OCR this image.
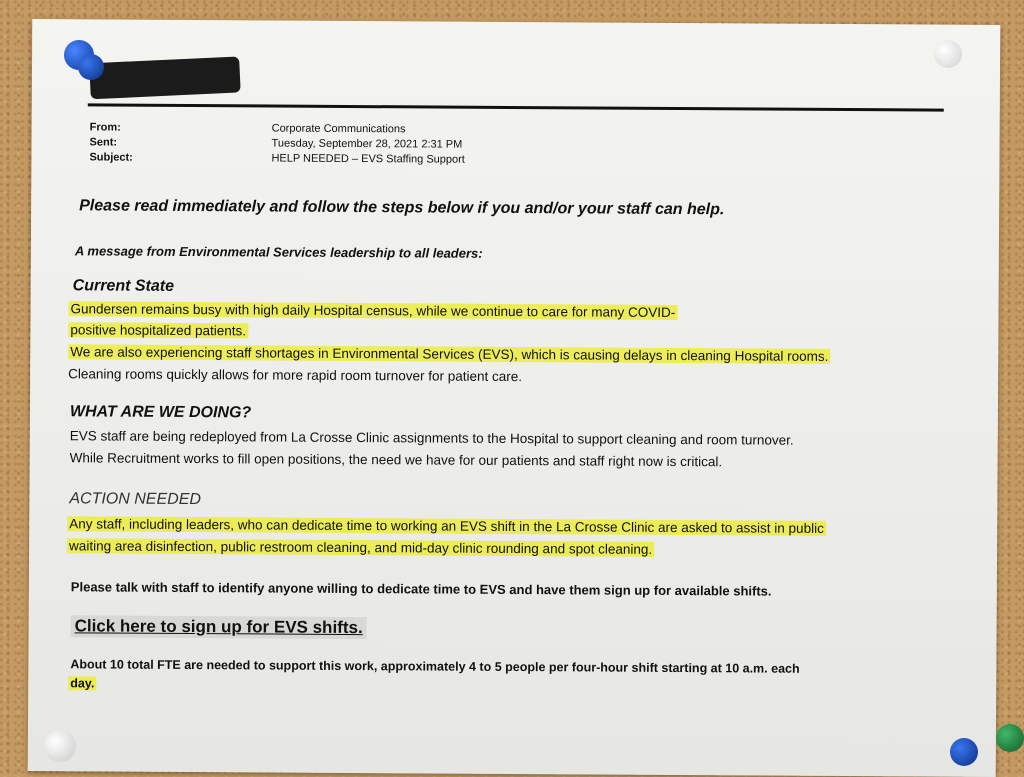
From:	Corporate Communications
Sent:	Tuesday, September 28, 2021 2:31 PM
Subject:	HELP NEEDED – EVS Staffing Support
Please read immediately and follow the steps below if you and/or your staff can help.
A message from Environmental Services leadership to all leaders:
Current State
Gundersen remains busy with high daily Hospital census, while we continue to care for many COVID-
positive hospitalized patients.
We are also experiencing staff shortages in Environmental Services (EVS), which is causing delays in cleaning Hospital rooms.
Cleaning rooms quickly allows for more rapid room turnover for patient care.
WHAT ARE WE DOING?
EVS staff are being redeployed from La Crosse Clinic assignments to the Hospital to support cleaning and room turnover.
While Recruitment works to fill open positions, the need we have for our patients and staff right now is critical.
ACTION NEEDED
Any staff, including leaders, who can dedicate time to working an EVS shift in the La Crosse Clinic are asked to assist in public
waiting area disinfection, public restroom cleaning, and mid-day clinic rounding and spot cleaning.
Please talk with staff to identify anyone willing to dedicate time to EVS and have them sign up for available shifts.
Click here to sign up for EVS shifts.
About 10 total FTE are needed to support this work, approximately 4 to 5 people per four-hour shift starting at 10 a.m. each
day.
